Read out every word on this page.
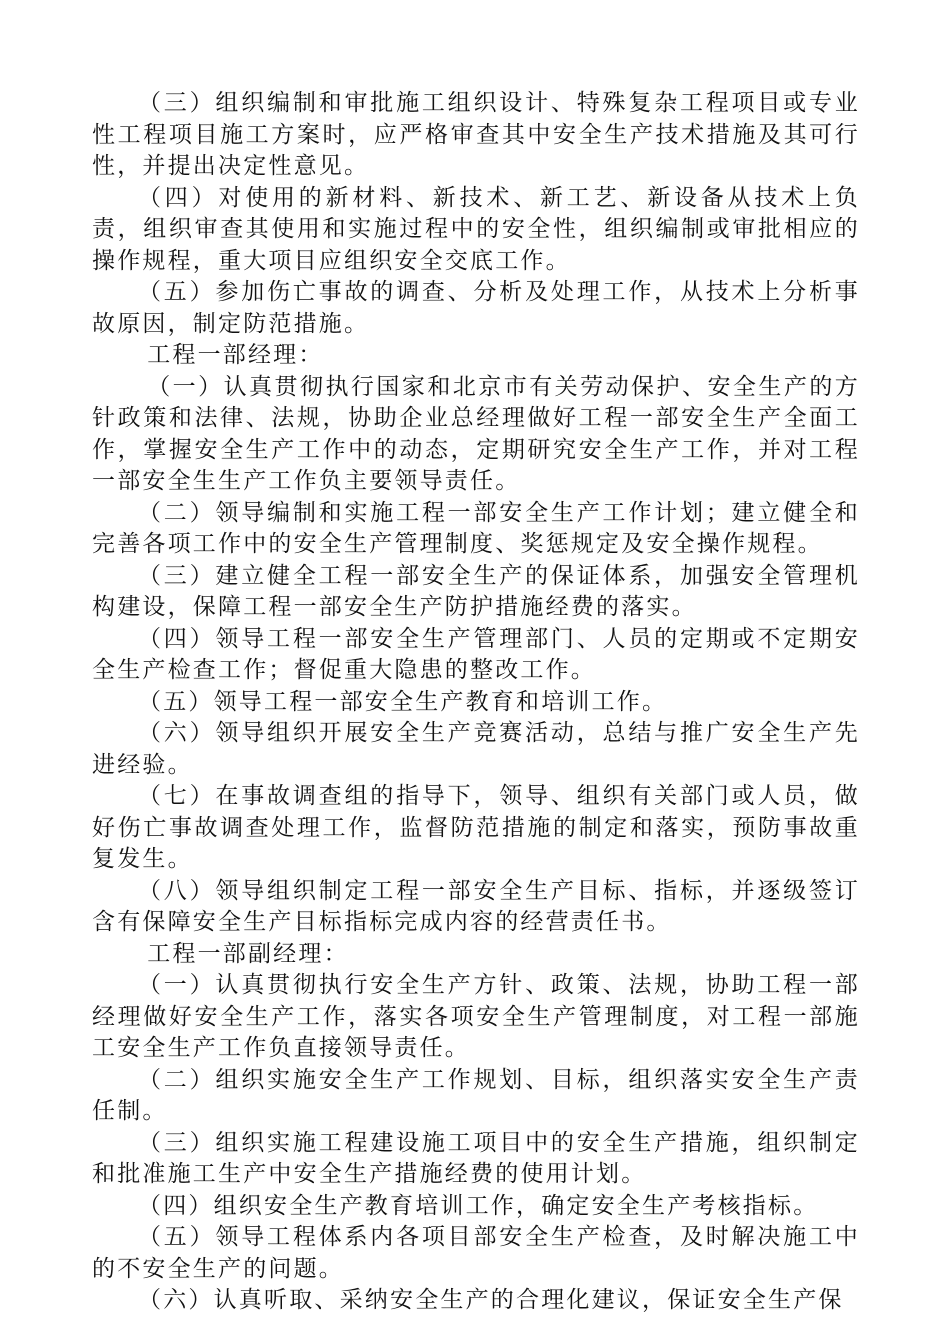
（三）组织编制和审批施工组织设计、特殊复杂工程项目或专业性工程项目施工方案时，应严格审查其中安全生产技术措施及其可行性，并提出决定性意见。

（四）对使用的新材料、新技术、新工艺、新设备从技术上负责，组织审查其使用和实施过程中的安全性，组织编制或审批相应的操作规程，重大项目应组织安全交底工作。

（五）参加伤亡事故的调查、分析及处理工作，从技术上分析事故原因，制定防范措施。

工程一部经理：

（一）认真贯彻执行国家和北京市有关劳动保护、安全生产的方针政策和法律、法规，协助企业总经理做好工程一部安全生产全面工作，掌握安全生产工作中的动态，定期研究安全生产工作，并对工程一部安全生生产工作负主要领导责任。

（二）领导编制和实施工程一部安全生产工作计划；建立健全和完善各项工作中的安全生产管理制度、奖惩规定及安全操作规程。

（三）建立健全工程一部安全生产的保证体系，加强安全管理机构建设，保障工程一部安全生产防护措施经费的落实。

（四）领导工程一部安全生产管理部门、人员的定期或不定期安全生产检查工作；督促重大隐患的整改工作。

（五）领导工程一部安全生产教育和培训工作。

（六）领导组织开展安全生产竞赛活动，总结与推广安全生产先进经验。

（七）在事故调查组的指导下，领导、组织有关部门或人员，做好伤亡事故调查处理工作，监督防范措施的制定和落实，预防事故重复发生。

（八）领导组织制定工程一部安全生产目标、指标，并逐级签订含有保障安全生产目标指标完成内容的经营责任书。

工程一部副经理：

（一）认真贯彻执行安全生产方针、政策、法规，协助工程一部经理做好安全生产工作，落实各项安全生产管理制度，对工程一部施工安全生产工作负直接领导责任。

（二）组织实施安全生产工作规划、目标，组织落实安全生产责任制。

（三）组织实施工程建设施工项目中的安全生产措施，组织制定和批准施工生产中安全生产措施经费的使用计划。

（四）组织安全生产教育培训工作，确定安全生产考核指标。

（五）领导工程体系内各项目部安全生产检查，及时解决施工中的不安全生产的问题。

（六）认真听取、采纳安全生产的合理化建议，保证安全生产保
